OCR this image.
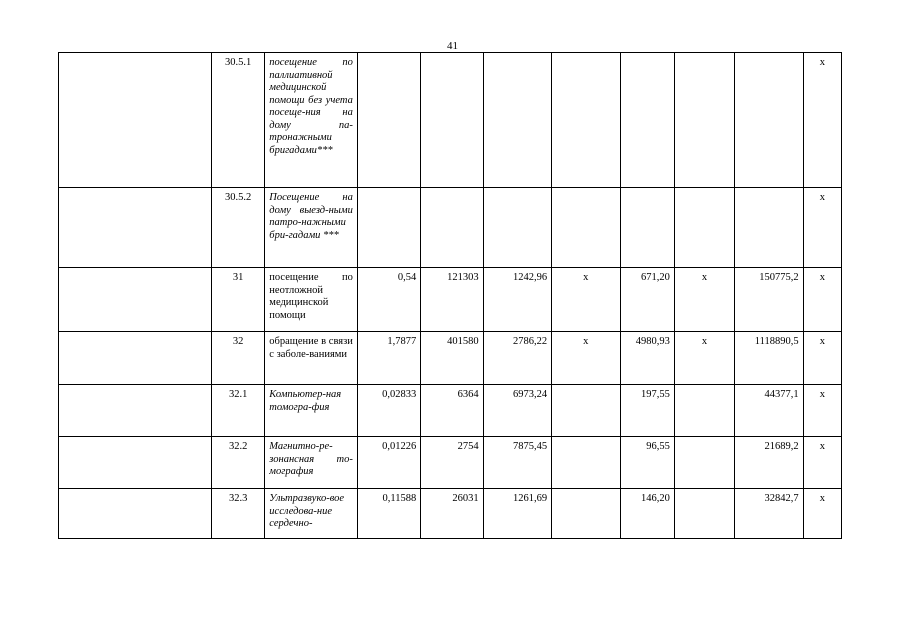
41
	30.5.1	посещение по паллиативной медицинской помощи без учета посеще-ния на дому па-тронажными бригадами***								х
	30.5.2	Посещение на дому выезд-ными патро-нажными бри-гадами ***								х
	31	посещение по неотложной медицинской помощи	0,54	121303	1242,96	х	671,20	х	150775,2	х
	32	обращение в связи с заболе-ваниями	1,7877	401580	2786,22	х	4980,93	х	1118890,5	х
	32.1	Компьютер-ная томогра-фия	0,02833	6364	6973,24		197,55		44377,1	х
	32.2	Магнитно-ре-зонансная то-мография	0,01226	2754	7875,45		96,55		21689,2	х
	32.3	Ультразвуко-вое исследова-ние сердечно-	0,11588	26031	1261,69		146,20		32842,7	х
